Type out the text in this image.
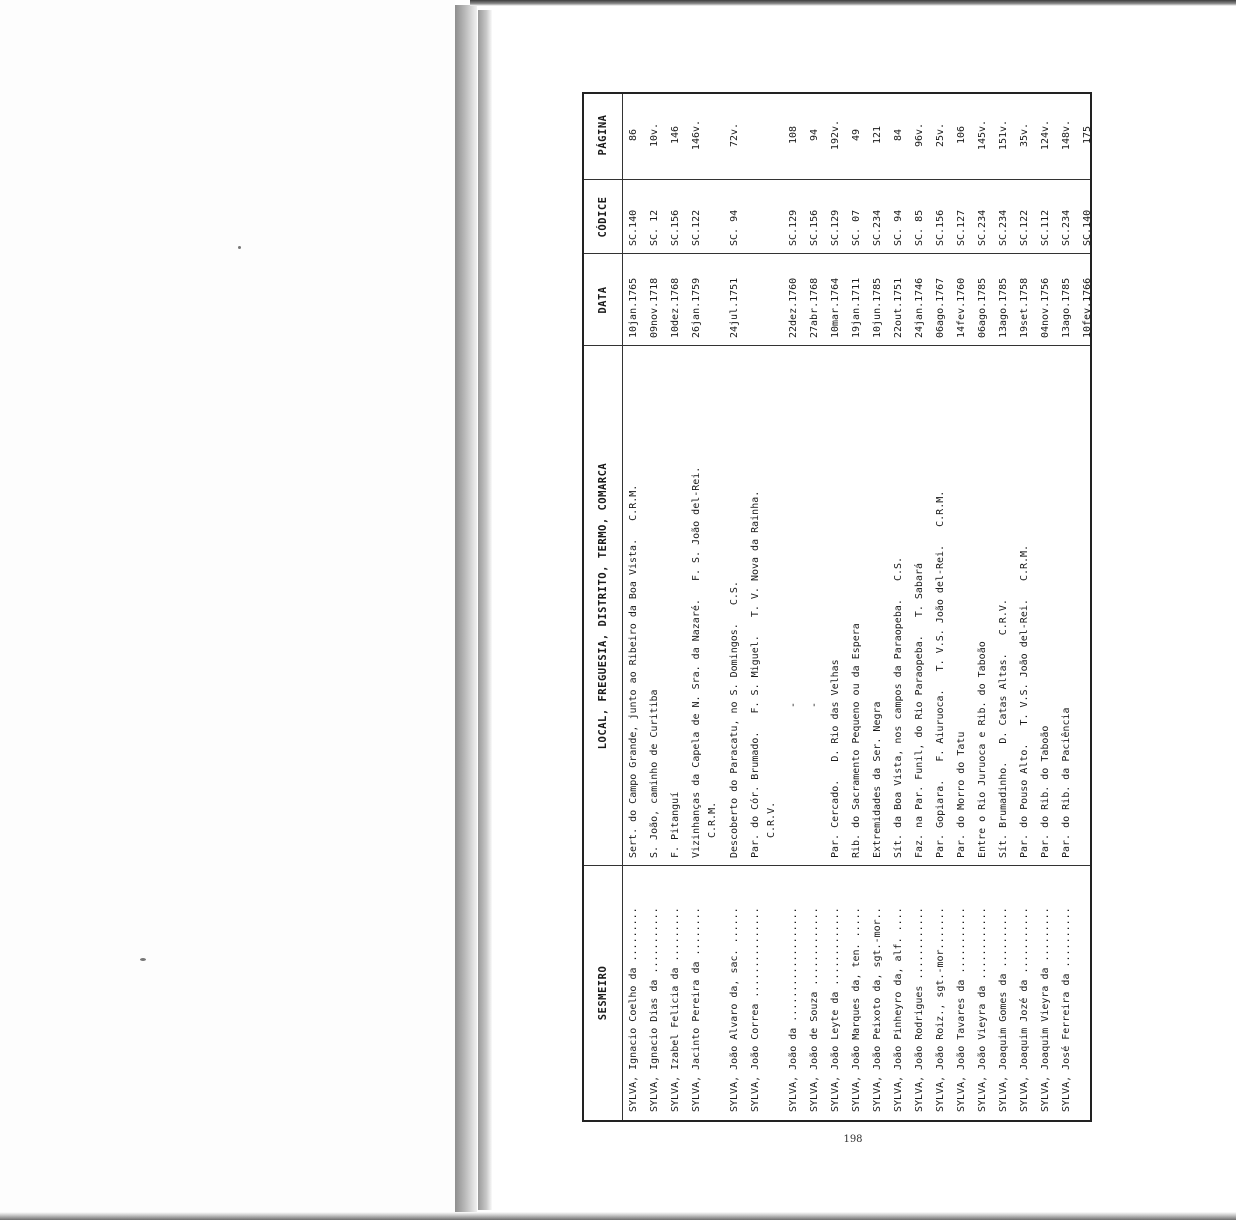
SESMEIRO
LOCAL, FREGUESIA, DISTRITO, TERMO, COMARCA
DATA
CÓDICE
PÁGINA
SYLVA, Ignacio Coelho da .........
Sert. do Campo Grande, junto ao Ribeiro da Boa Vista.   C.R.M.
10jan.1765
SC.140
86
SYLVA, Ignacio Dias da ...........
S. João, caminho de Curitiba
09nov.1718
SC. 12
10v.
SYLVA, Izabel Felicia da .........
F. Pitanguí
10dez.1768
SC.156
146
SYLVA, Jacinto Pereira da ........
Vizinhanças da Capela de N. Sra. da Nazaré.   F. S. João del-Rei. C.R.M.
26jan.1759
SC.122
146v.
SYLVA, João Alvaro da, sac. ......
Descoberto do Paracatu, no S. Domingos.   C.S.
24jul.1751
SC. 94
72v.
SYLVA, João Correa ...............
Par. do Cór. Brumado.   F. S. Miguel.   T. V. Nova da Rainha. C.R.V.
SYLVA, João da ...................
-
22dez.1760
SC.129
108
SYLVA, João de Souza .............
-
27abr.1768
SC.156
94
SYLVA, João Leyte da .............
Par. Cercado.   D. Rio das Velhas
10mar.1764
SC.129
192v.
SYLVA, João Marques da, ten. .....
Rib. do Sacramento Pequeno ou da Espera
19jan.1711
SC. 07
49
SYLVA, João Peixoto da, sgt.-mor..
Extremidades da Ser. Negra
10jun.1785
SC.234
121
SYLVA, João Pinheyro da, alf. ....
Sít. da Boa Vista, nos campos da Paraopeba.   C.S.
22out.1751
SC. 94
84
SYLVA, João Rodrigues ............
Faz. na Par. Funil, do Rio Paraopeba.   T. Sabará
24jan.1746
SC. 85
96v.
SYLVA, João Roiz., sgt.-mor.......
Par. Gopiara.   F. Aiuruoca.   T. V.S. João del-Rei.   C.R.M.
06ago.1767
SC.156
25v.
SYLVA, João Tavares da ...........
Par. do Morro do Tatu
14fev.1760
SC.127
106
SYLVA, João Vieyra da ............
Entre o Rio Juruoca e Rib. do Taboão
06ago.1785
SC.234
145v.
SYLVA, Joaquim Gomes da ..........
Sít. Brumadinho.   D. Catas Altas.   C.R.V.
13ago.1785
SC.234
151v.
SYLVA, Joaquim Jozé da ...........
Par. do Pouso Alto.   T. V.S. João del-Rei.   C.R.M.
19set.1758
SC.122
35v.
SYLVA, Joaquim Vieyra da .........
Par. do Rib. do Taboão
04nov.1756
SC.112
124v.
SYLVA, José Ferreira da ..........
Par. do Rib. da Paciência
13ago.1785
SC.234
148v.
10fev.1766
SC.140
175
198
